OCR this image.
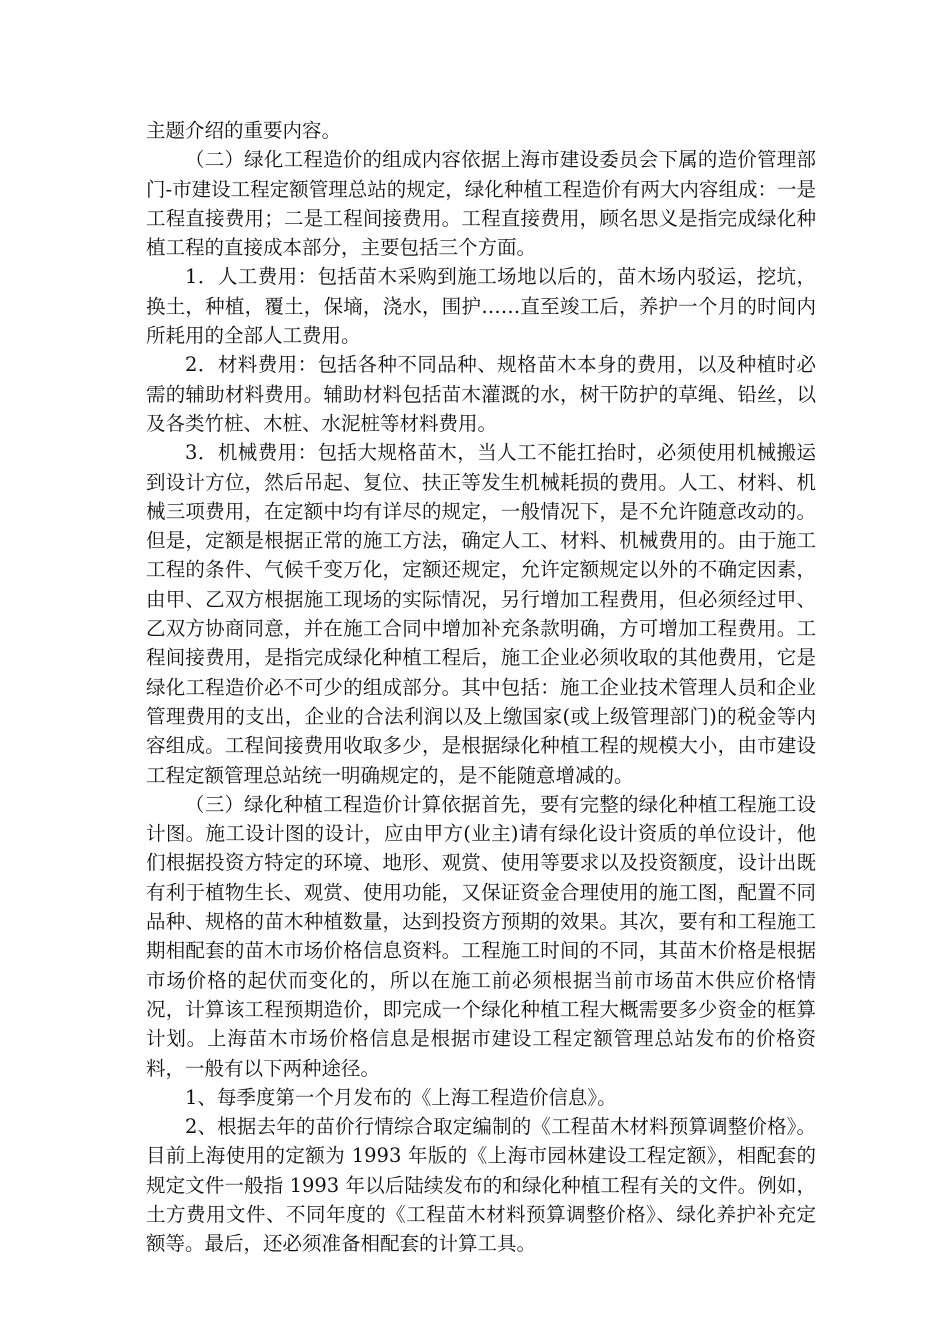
主题介绍的重要内容。

（二）绿化工程造价的组成内容依据上海市建设委员会下属的造价管理部门-市建设工程定额管理总站的规定，绿化种植工程造价有两大内容组成：一是工程直接费用；二是工程间接费用。工程直接费用，顾名思义是指完成绿化种植工程的直接成本部分，主要包括三个方面。

1．人工费用：包括苗木采购到施工场地以后的，苗木场内驳运，挖坑，换土，种植，覆土，保墒，浇水，围护……直至竣工后，养护一个月的时间内所耗用的全部人工费用。

2．材料费用：包括各种不同品种、规格苗木本身的费用，以及种植时必需的辅助材料费用。辅助材料包括苗木灌溉的水，树干防护的草绳、铅丝，以及各类竹桩、木桩、水泥桩等材料费用。

3．机械费用：包括大规格苗木，当人工不能扛抬时，必须使用机械搬运到设计方位，然后吊起、复位、扶正等发生机械耗损的费用。人工、材料、机械三项费用，在定额中均有详尽的规定，一般情况下，是不允许随意改动的。但是，定额是根据正常的施工方法，确定人工、材料、机械费用的。由于施工工程的条件、气候千变万化，定额还规定，允许定额规定以外的不确定因素，由甲、乙双方根据施工现场的实际情况，另行增加工程费用，但必须经过甲、乙双方协商同意，并在施工合同中增加补充条款明确，方可增加工程费用。工程间接费用，是指完成绿化种植工程后，施工企业必须收取的其他费用，它是绿化工程造价必不可少的组成部分。其中包括：施工企业技术管理人员和企业管理费用的支出，企业的合法利润以及上缴国家(或上级管理部门)的税金等内容组成。工程间接费用收取多少，是根据绿化种植工程的规模大小，由市建设工程定额管理总站统一明确规定的，是不能随意增减的。

（三）绿化种植工程造价计算依据首先，要有完整的绿化种植工程施工设计图。施工设计图的设计，应由甲方(业主)请有绿化设计资质的单位设计，他们根据投资方特定的环境、地形、观赏、使用等要求以及投资额度，设计出既有利于植物生长、观赏、使用功能，又保证资金合理使用的施工图，配置不同品种、规格的苗木种植数量，达到投资方预期的效果。其次，要有和工程施工期相配套的苗木市场价格信息资料。工程施工时间的不同，其苗木价格是根据市场价格的起伏而变化的，所以在施工前必须根据当前市场苗木供应价格情况，计算该工程预期造价，即完成一个绿化种植工程大概需要多少资金的框算计划。上海苗木市场价格信息是根据市建设工程定额管理总站发布的价格资料，一般有以下两种途径。

1、每季度第一个月发布的《上海工程造价信息》。

2、根据去年的苗价行情综合取定编制的《工程苗木材料预算调整价格》。目前上海使用的定额为 1993 年版的《上海市园林建设工程定额》，相配套的规定文件一般指 1993 年以后陆续发布的和绿化种植工程有关的文件。例如，土方费用文件、不同年度的《工程苗木材料预算调整价格》、绿化养护补充定额等。最后，还必须准备相配套的计算工具。
